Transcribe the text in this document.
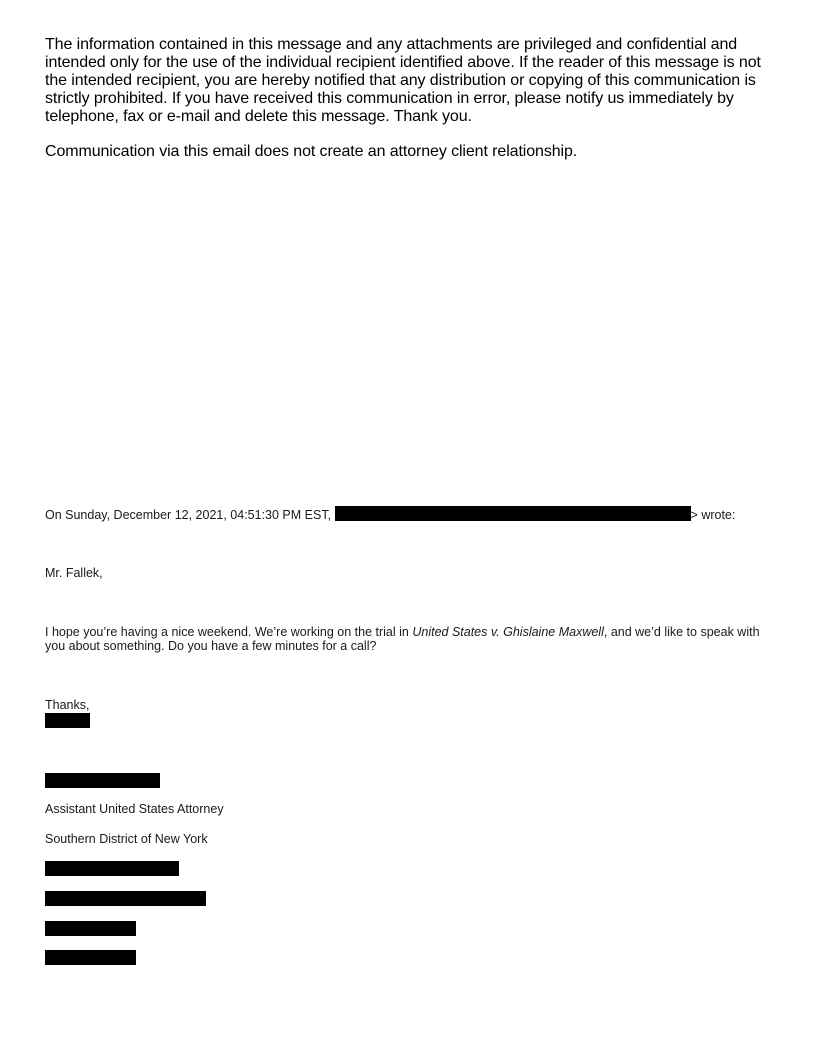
The information contained in this message and any attachments are privileged and confidential and intended only for the use of the individual recipient identified above. If the reader of this message is not the intended recipient, you are hereby notified that any distribution or copying of this communication is strictly prohibited. If you have received this communication in error, please notify us immediately by telephone, fax or e-mail and delete this message. Thank you.

Communication via this email does not create an attorney client relationship.

On Sunday, December 12, 2021, 04:51:30 PM EST,	> wrote:

Mr. Fallek,

I hope you’re having a nice weekend. We’re working on the trial in United States v. Ghislaine Maxwell, and we’d like to speak with you about something. Do you have a few minutes for a call?

Thanks,

Assistant United States Attorney

Southern District of New York
